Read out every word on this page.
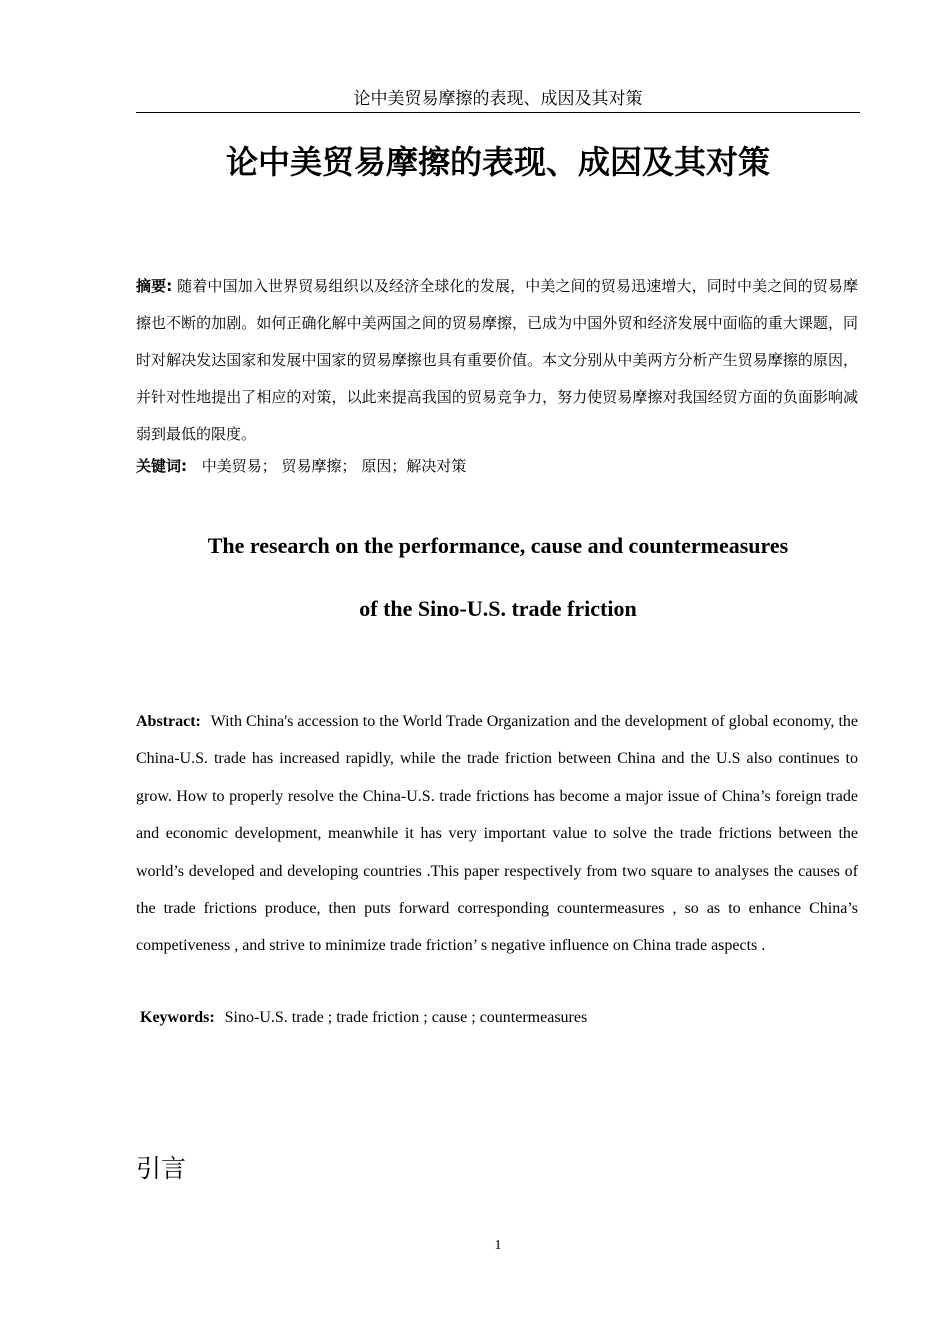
论中美贸易摩擦的表现、成因及其对策
论中美贸易摩擦的表现、成因及其对策
摘要: 随着中国加入世界贸易组织以及经济全球化的发展，中美之间的贸易迅速增大，同时中美之间的贸易摩擦也不断的加剧。如何正确化解中美两国之间的贸易摩擦，已成为中国外贸和经济发展中面临的重大课题，同时对解决发达国家和发展中国家的贸易摩擦也具有重要价值。本文分别从中美两方分析产生贸易摩擦的原因，并针对性地提出了相应的对策，以此来提高我国的贸易竞争力，努力使贸易摩擦对我国经贸方面的负面影响减弱到最低的限度。
关键词: 中美贸易； 贸易摩擦； 原因；解决对策
The research on the performance, cause and countermeasures
of the Sino-U.S. trade friction
Abstract: With China's accession to the World Trade Organization and the development of global economy, the China-U.S. trade has increased rapidly, while the trade friction between China and the U.S also continues to grow. How to properly resolve the China-U.S. trade frictions has become a major issue of China’s foreign trade and economic development, meanwhile it has very important value to solve the trade frictions between the world’s developed and developing countries .This paper respectively from two square to analyses the causes of the trade frictions produce, then puts forward corresponding countermeasures , so as to enhance China’s competiveness , and strive to minimize trade friction’ s negative influence on China trade aspects .
Keywords: Sino-U.S. trade ; trade friction ; cause ; countermeasures
引言
1
